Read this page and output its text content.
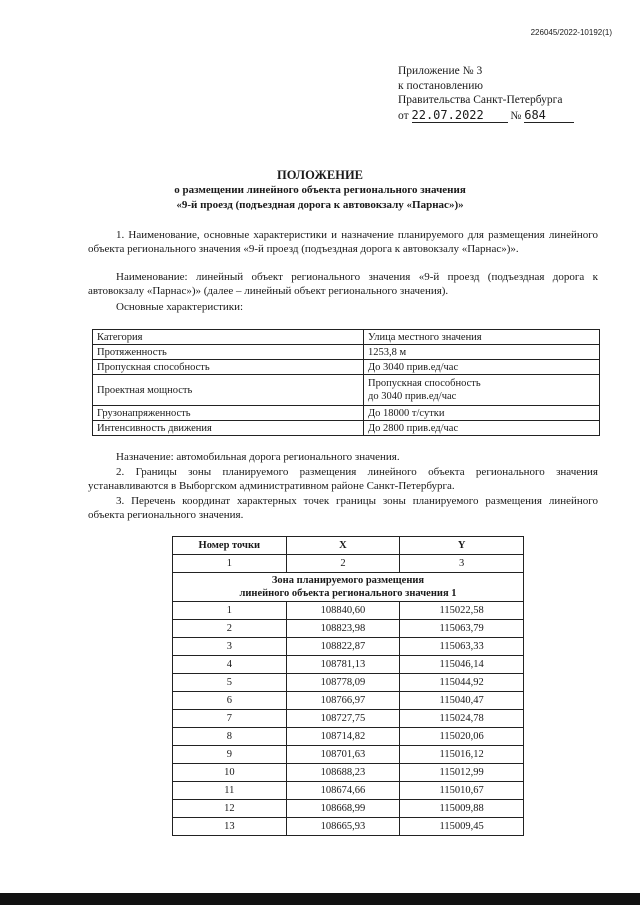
226045/2022-10192(1)
Приложение № 3
к постановлению
Правительства Санкт-Петербурга
от 22.07.2022 № 684
ПОЛОЖЕНИЕ
о размещении линейного объекта регионального значения
«9-й проезд (подъездная дорога к автовокзалу «Парнас»)»
1. Наименование, основные характеристики и назначение планируемого для размещения линейного объекта регионального значения «9-й проезд (подъездная дорога к автовокзалу «Парнас»)».
Наименование: линейный объект регионального значения «9-й проезд (подъездная дорога к автовокзалу «Парнас»)» (далее – линейный объект регионального значения).
Основные характеристики:
Категория	Улица местного значения
Протяженность	1253,8 м
Пропускная способность	До 3040 прив.ед/час
Проектная мощность	Пропускная способность
до 3040 прив.ед/час

Грузонапряженность	До 18000 т/сутки
Интенсивность движения	До 2800 прив.ед/час
Назначение: автомобильная дорога регионального значения.
2. Границы зоны планируемого размещения линейного объекта регионального значения устанавливаются в Выборгском административном районе Санкт-Петербурга.
3. Перечень координат характерных точек границы зоны планируемого размещения линейного объекта регионального значения.
Номер точки	X	Y
1	2	3

Зона планируемого размещения
линейного объекта регионального значения 1		

1	108840,60	115022,58
2	108823,98	115063,79
3	108822,87	115063,33
4	108781,13	115046,14
5	108778,09	115044,92
6	108766,97	115040,47
7	108727,75	115024,78
8	108714,82	115020,06
9	108701,63	115016,12
10	108688,23	115012,99
11	108674,66	115010,67
12	108668,99	115009,88
13	108665,93	115009,45
